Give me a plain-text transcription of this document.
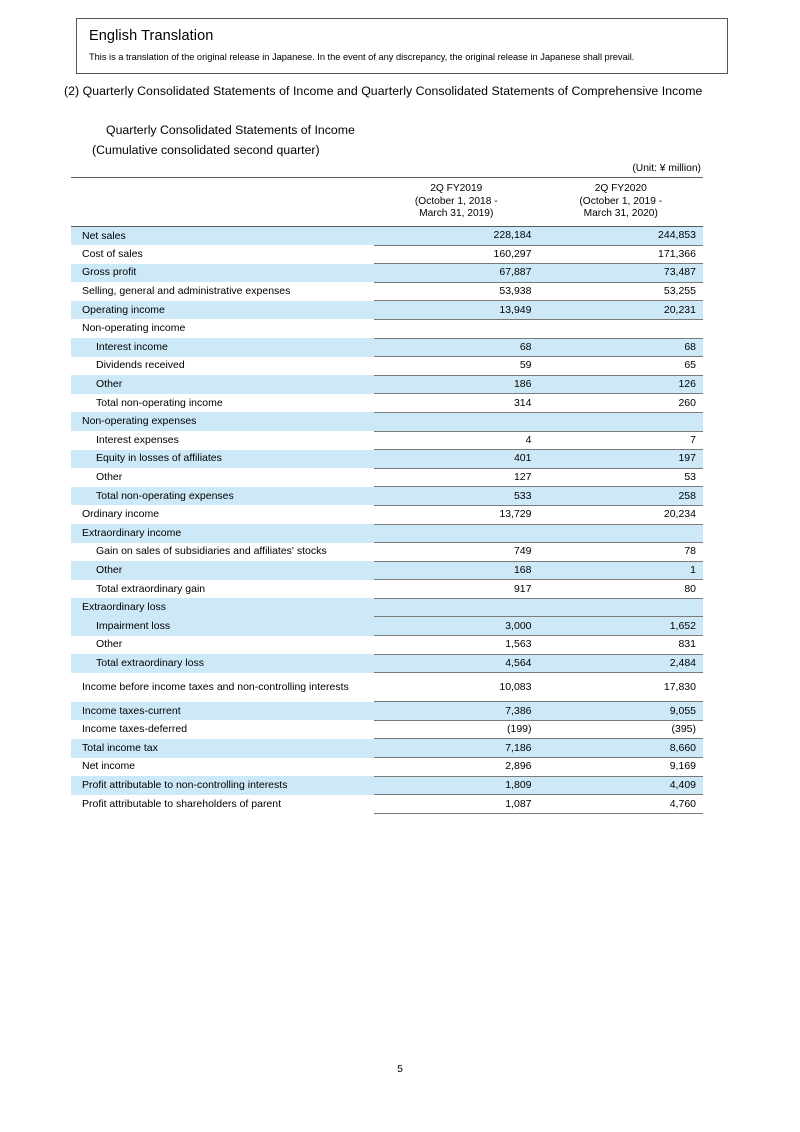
English Translation
This is a translation of the original release in Japanese. In the event of any discrepancy, the original release in Japanese shall prevail.
(2) Quarterly Consolidated Statements of Income and Quarterly Consolidated Statements of Comprehensive Income
Quarterly Consolidated Statements of Income
(Cumulative consolidated second quarter)
(Unit: ¥ million)

	2Q FY2019
(October 1, 2018 -
March 31, 2019)	2Q FY2020
(October 1, 2019 -
March 31, 2020)

Net sales	228,184	244,853
Cost of sales	160,297	171,366
Gross profit	67,887	73,487
Selling, general and administrative expenses	53,938	53,255
Operating income	13,949	20,231
Non-operating income		
Interest income	68	68
Dividends received	59	65
Other	186	126
Total non-operating income	314	260
Non-operating expenses		
Interest expenses	4	7
Equity in losses of affiliates	401	197
Other	127	53
Total non-operating expenses	533	258
Ordinary income	13,729	20,234
Extraordinary income		
Gain on sales of subsidiaries and affiliates' stocks	749	78
Other	168	1
Total extraordinary gain	917	80
Extraordinary loss		
Impairment loss	3,000	1,652
Other	1,563	831
Total extraordinary loss	4,564	2,484
Income before income taxes and non-controlling interests	10,083	17,830
Income taxes-current	7,386	9,055
Income taxes-deferred	(199)	(395)
Total income tax	7,186	8,660
Net income	2,896	9,169
Profit attributable to non-controlling interests	1,809	4,409
Profit attributable to shareholders of parent	1,087	4,760
5
